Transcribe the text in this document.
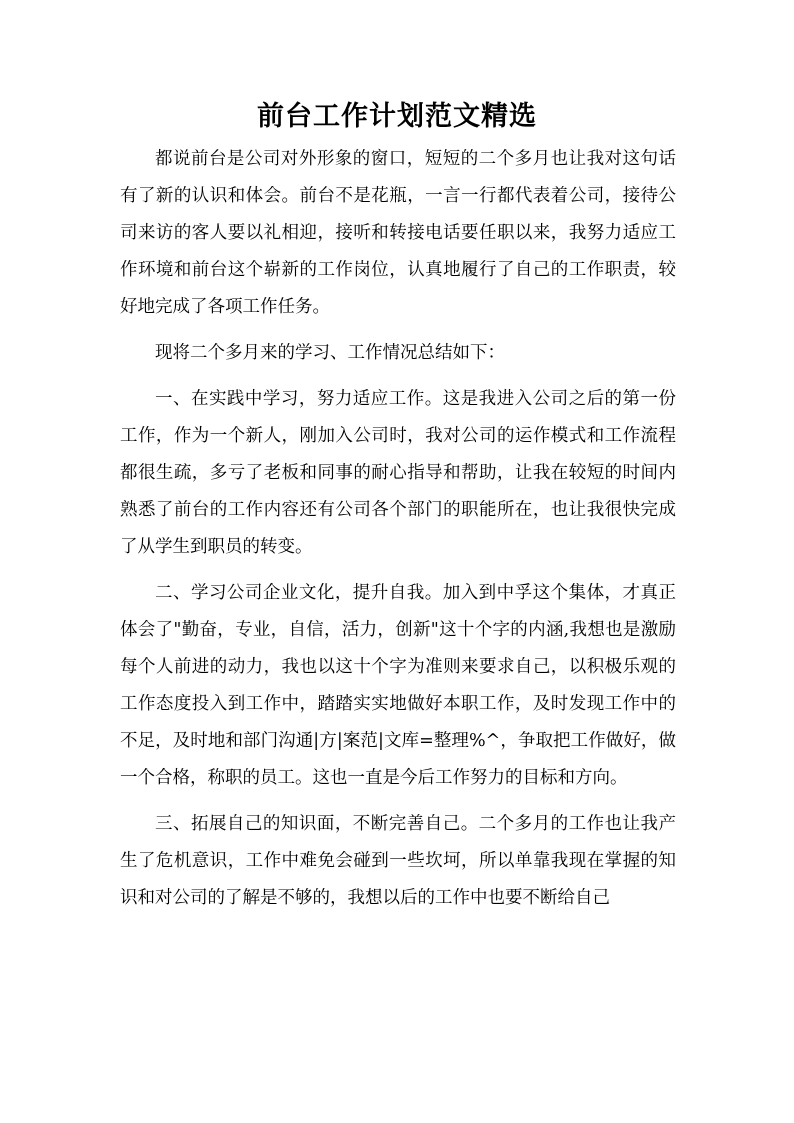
前台工作计划范文精选

都说前台是公司对外形象的窗口，短短的二个多月也让我对这句话有了新的认识和体会。前台不是花瓶，一言一行都代表着公司，接待公司来访的客人要以礼相迎，接听和转接电话要任职以来，我努力适应工作环境和前台这个崭新的工作岗位，认真地履行了自己的工作职责，较好地完成了各项工作任务。

现将二个多月来的学习、工作情况总结如下：

一、在实践中学习，努力适应工作。这是我进入公司之后的第一份工作，作为一个新人，刚加入公司时，我对公司的运作模式和工作流程都很生疏，多亏了老板和同事的耐心指导和帮助，让我在较短的时间内熟悉了前台的工作内容还有公司各个部门的职能所在，也让我很快完成了从学生到职员的转变。

二、学习公司企业文化，提升自我。加入到中孚这个集体，才真正体会了"勤奋，专业，自信，活力，创新"这十个字的内涵,我想也是激励每个人前进的动力，我也以这十个字为准则来要求自己，以积极乐观的工作态度投入到工作中，踏踏实实地做好本职工作，及时发现工作中的不足，及时地和部门沟通|方|案范|文库=整理%^，争取把工作做好，做一个合格，称职的员工。这也一直是今后工作努力的目标和方向。

三、拓展自己的知识面，不断完善自己。二个多月的工作也让我产生了危机意识，工作中难免会碰到一些坎坷，所以单靠我现在掌握的知识和对公司的了解是不够的，我想以后的工作中也要不断给自己
